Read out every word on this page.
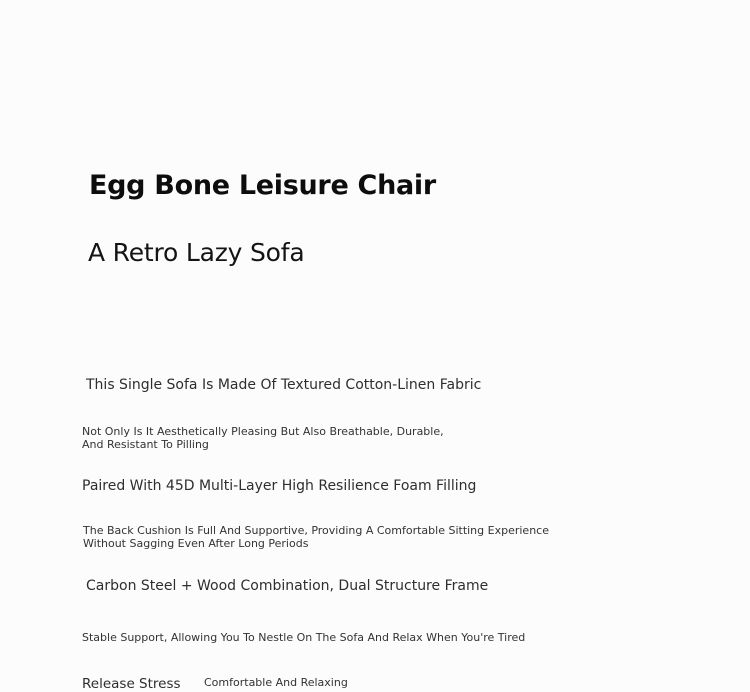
Egg Bone Leisure Chair
A Retro Lazy Sofa
This Single Sofa Is Made Of Textured Cotton-Linen Fabric
Not Only Is It Aesthetically Pleasing But Also Breathable, Durable, And Resistant To Pilling
Paired With 45D Multi-Layer High Resilience Foam Filling
The Back Cushion Is Full And Supportive, Providing A Comfortable Sitting Experience Without Sagging Even After Long Periods
Carbon Steel + Wood Combination, Dual Structure Frame
Stable Support, Allowing You To Nestle On The Sofa And Relax When You're Tired
Release Stress Comfortable And Relaxing
